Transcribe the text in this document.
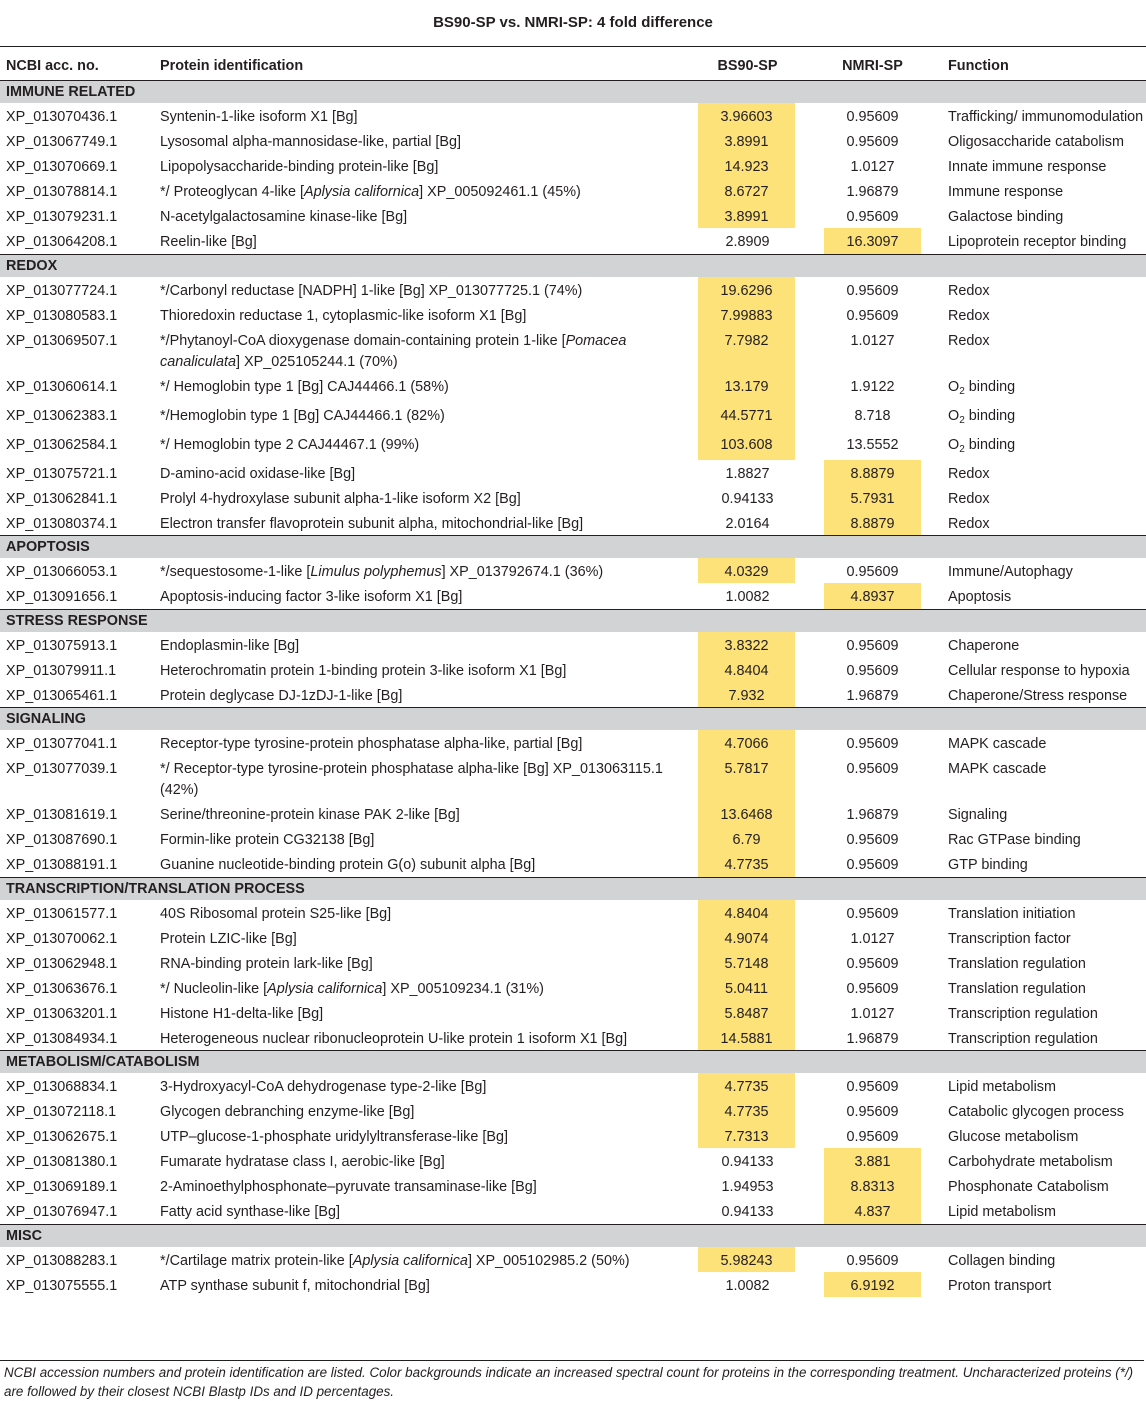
BS90-SP vs. NMRI-SP: 4 fold difference
NCBI acc. no.	Protein identification	BS90-SP	NMRI-SP	Function
IMMUNE RELATED				
XP_013070436.1	Syntenin-1-like isoform X1 [Bg]	3.96603	0.95609	Trafficking/ immunomodulation
XP_013067749.1	Lysosomal alpha-mannosidase-like, partial [Bg]	3.8991	0.95609	Oligosaccharide catabolism
XP_013070669.1	Lipopolysaccharide-binding protein-like [Bg]	14.923	1.0127	Innate immune response
XP_013078814.1	*/ Proteoglycan 4-like [Aplysia californica] XP_005092461.1 (45%)	8.6727	1.96879	Immune response
XP_013079231.1	N-acetylgalactosamine kinase-like [Bg]	3.8991	0.95609	Galactose binding
XP_013064208.1	Reelin-like [Bg]	2.8909	16.3097	Lipoprotein receptor binding
REDOX				
XP_013077724.1	*/Carbonyl reductase [NADPH] 1-like [Bg] XP_013077725.1 (74%)	19.6296	0.95609	Redox
XP_013080583.1	Thioredoxin reductase 1, cytoplasmic-like isoform X1 [Bg]	7.99883	0.95609	Redox
XP_013069507.1	*/Phytanoyl-CoA dioxygenase domain-containing protein 1-like [Pomacea canaliculata] XP_025105244.1 (70%)	7.7982	1.0127	Redox
XP_013060614.1	*/ Hemoglobin type 1 [Bg] CAJ44466.1 (58%)	13.179	1.9122	$O_2$ binding
XP_013062383.1	*/Hemoglobin type 1 [Bg] CAJ44466.1 (82%)	44.5771	8.718	$O_2$ binding
XP_013062584.1	*/ Hemoglobin type 2 CAJ44467.1 (99%)	103.608	13.5552	$O_2$ binding
XP_013075721.1	D-amino-acid oxidase-like [Bg]	1.8827	8.8879	Redox
XP_013062841.1	Prolyl 4-hydroxylase subunit alpha-1-like isoform X2 [Bg]	0.94133	5.7931	Redox
XP_013080374.1	Electron transfer flavoprotein subunit alpha, mitochondrial-like [Bg]	2.0164	8.8879	Redox
APOPTOSIS				
XP_013066053.1	*/sequestosome-1-like [Limulus polyphemus] XP_013792674.1 (36%)	4.0329	0.95609	Immune/Autophagy
XP_013091656.1	Apoptosis-inducing factor 3-like isoform X1 [Bg]	1.0082	4.8937	Apoptosis
STRESS RESPONSE				
XP_013075913.1	Endoplasmin-like [Bg]	3.8322	0.95609	Chaperone
XP_013079911.1	Heterochromatin protein 1-binding protein 3-like isoform X1 [Bg]	4.8404	0.95609	Cellular response to hypoxia
XP_013065461.1	Protein deglycase DJ-1zDJ-1-like [Bg]	7.932	1.96879	Chaperone/Stress response
SIGNALING				
XP_013077041.1	Receptor-type tyrosine-protein phosphatase alpha-like, partial [Bg]	4.7066	0.95609	MAPK cascade
XP_013077039.1	*/ Receptor-type tyrosine-protein phosphatase alpha-like [Bg] XP_013063115.1 (42%)	5.7817	0.95609	MAPK cascade
XP_013081619.1	Serine/threonine-protein kinase PAK 2-like [Bg]	13.6468	1.96879	Signaling
XP_013087690.1	Formin-like protein CG32138 [Bg]	6.79	0.95609	Rac GTPase binding
XP_013088191.1	Guanine nucleotide-binding protein G(o) subunit alpha [Bg]	4.7735	0.95609	GTP binding
TRANSCRIPTION/TRANSLATION PROCESS				
XP_013061577.1	40S Ribosomal protein S25-like [Bg]	4.8404	0.95609	Translation initiation
XP_013070062.1	Protein LZIC-like [Bg]	4.9074	1.0127	Transcription factor
XP_013062948.1	RNA-binding protein lark-like [Bg]	5.7148	0.95609	Translation regulation
XP_013063676.1	*/ Nucleolin-like [Aplysia californica] XP_005109234.1 (31%)	5.0411	0.95609	Translation regulation
XP_013063201.1	Histone H1-delta-like [Bg]	5.8487	1.0127	Transcription regulation
XP_013084934.1	Heterogeneous nuclear ribonucleoprotein U-like protein 1 isoform X1 [Bg]	14.5881	1.96879	Transcription regulation
METABOLISM/CATABOLISM				
XP_013068834.1	3-Hydroxyacyl-CoA dehydrogenase type-2-like [Bg]	4.7735	0.95609	Lipid metabolism
XP_013072118.1	Glycogen debranching enzyme-like [Bg]	4.7735	0.95609	Catabolic glycogen process
XP_013062675.1	UTP–glucose-1-phosphate uridylyltransferase-like [Bg]	7.7313	0.95609	Glucose metabolism
XP_013081380.1	Fumarate hydratase class I, aerobic-like [Bg]	0.94133	3.881	Carbohydrate metabolism
XP_013069189.1	2-Aminoethylphosphonate–pyruvate transaminase-like [Bg]	1.94953	8.8313	Phosphonate Catabolism
XP_013076947.1	Fatty acid synthase-like [Bg]	0.94133	4.837	Lipid metabolism
MISC				
XP_013088283.1	*/Cartilage matrix protein-like [Aplysia californica] XP_005102985.2 (50%)	5.98243	0.95609	Collagen binding
XP_013075555.1	ATP synthase subunit f, mitochondrial [Bg]	1.0082	6.9192	Proton transport
NCBI accession numbers and protein identification are listed. Color backgrounds indicate an increased spectral count for proteins in the corresponding treatment. Uncharacterized proteins (*/) are followed by their closest NCBI Blastp IDs and ID percentages.
